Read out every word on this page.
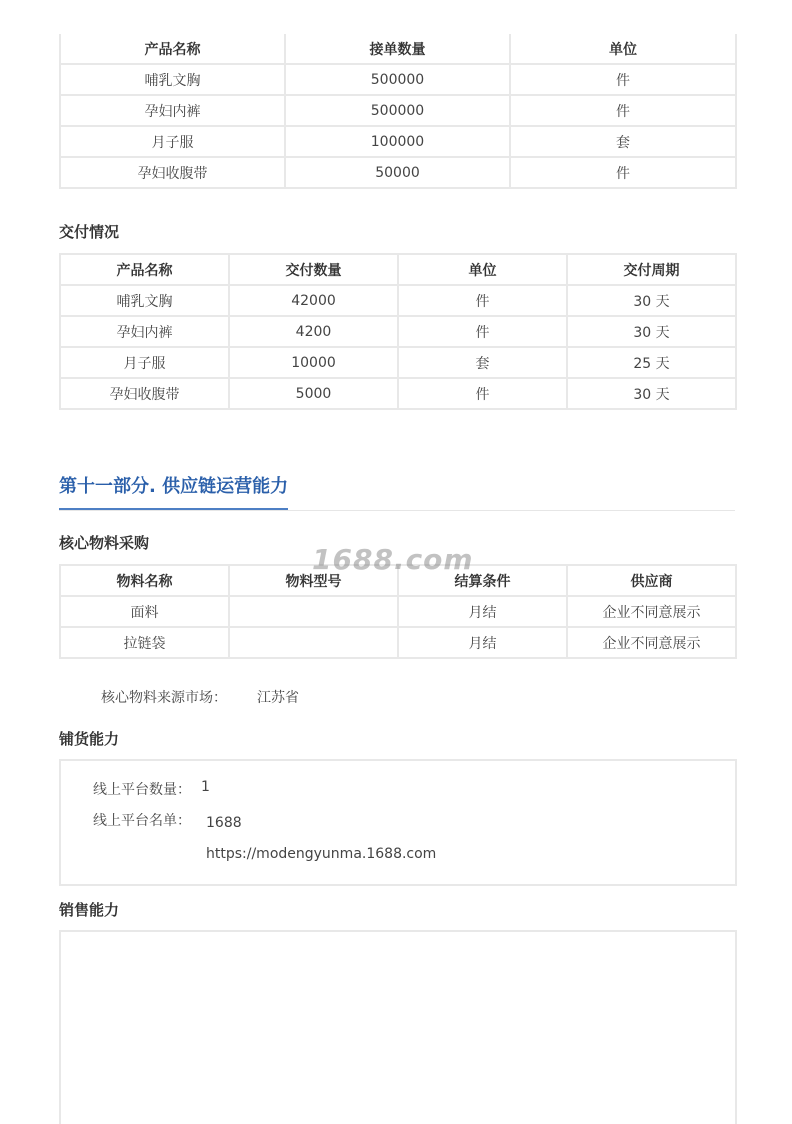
产品名称	接单数量	单位
哺乳文胸	500000	件
孕妇内裤	500000	件
月子服	100000	套
孕妇收腹带	50000	件
交付情况
产品名称	交付数量	单位	交付周期
哺乳文胸	42000	件	30 天
孕妇内裤	4200	件	30 天
月子服	10000	套	25 天
孕妇收腹带	5000	件	30 天
第十一部分. 供应链运营能力
核心物料采购
物料名称	物料型号	结算条件	供应商
面料		月结	企业不同意展示
拉链袋		月结	企业不同意展示
核心物料来源市场： 江苏省
铺货能力
线上平台数量： 1
线上平台名单： 1688
https://modengyunma.1688.com
销售能力
1688.com
